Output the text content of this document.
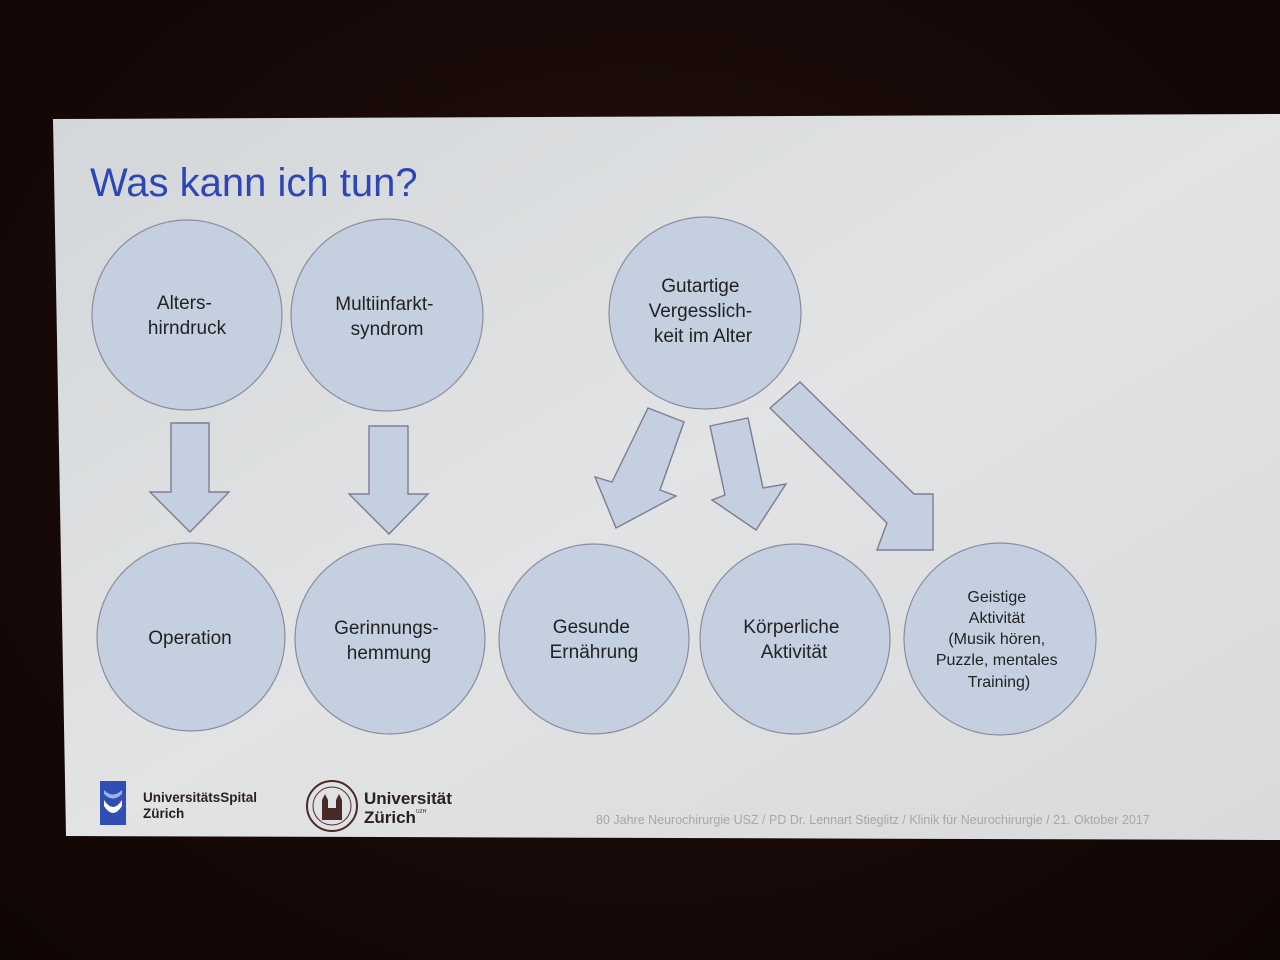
Was kann ich tun?
Alters- hirndruck
Multiinfarkt- syndrom
Gutartige Vergesslich- keit im Alter
Operation	Gerinnungs- hemmung
Gesunde Ernährung
Körperliche Aktivität
Geistige Aktivität (Musik hören, Puzzle, mentales Training)
UniversitätsSpital Zürich
Universität Zürich UZH
80 Jahre Neurochirurgie USZ / PD Dr. Lennart Stieglitz / Klinik für Neurochirurgie / 21. Oktober 2017
